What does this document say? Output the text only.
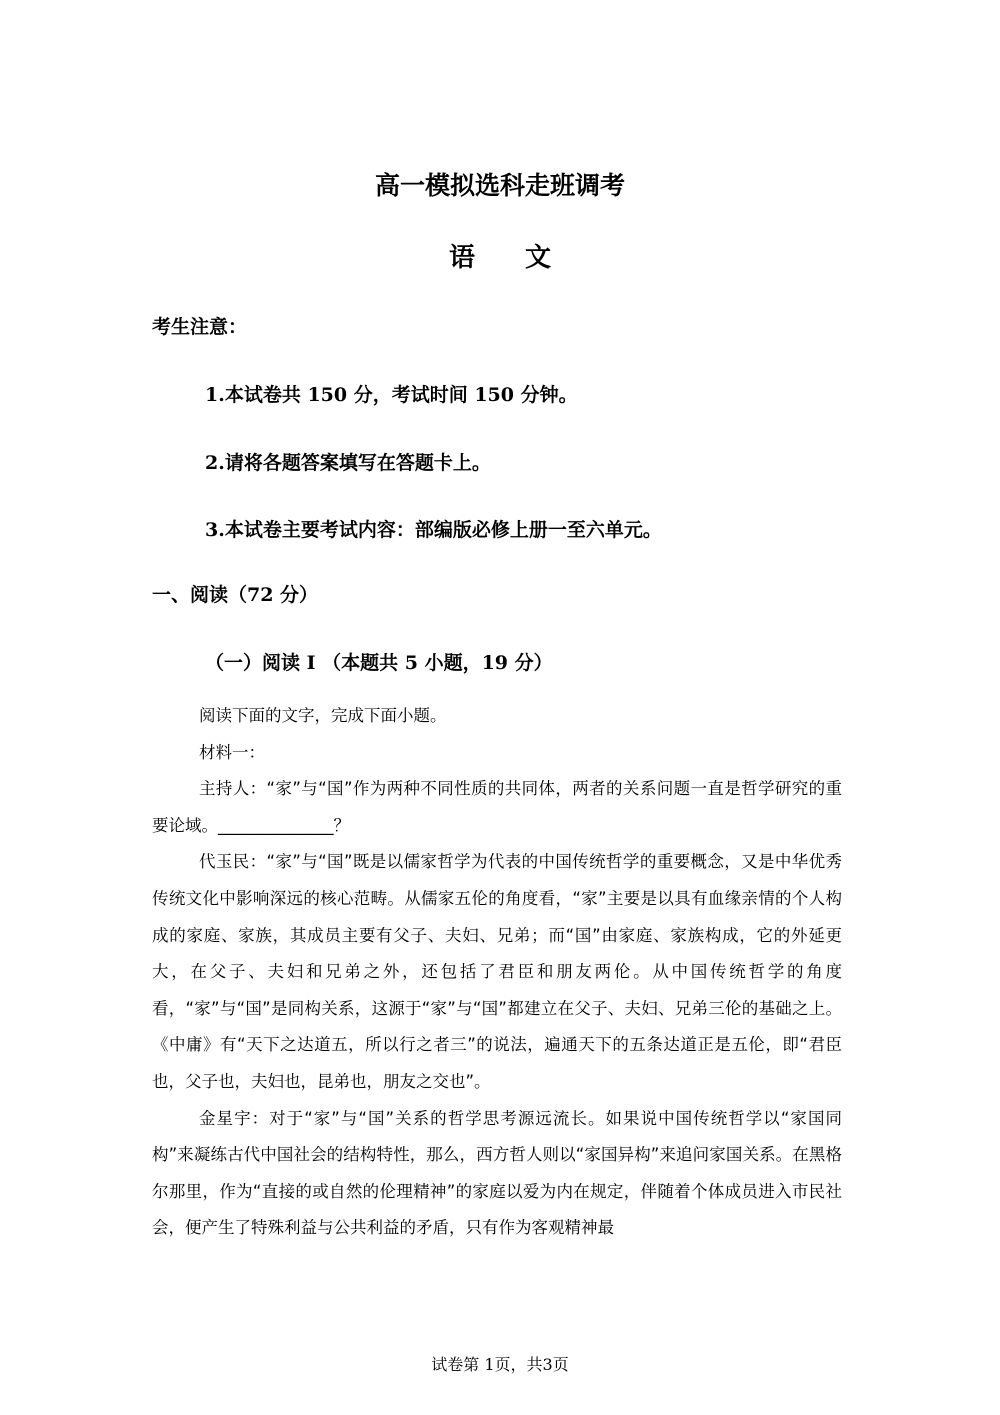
高一模拟选科走班调考
语文
考生注意：
1.本试卷共 150 分，考试时间 150 分钟。
2.请将各题答案填写在答题卡上。
3.本试卷主要考试内容：部编版必修上册一至六单元。
一、阅读（72 分）
（一）阅读 I （本题共 5 小题，19 分）

阅读下面的文字，完成下面小题。

材料一：

主持人：“家”与“国”作为两种不同性质的共同体，两者的关系问题一直是哲学研究的重要论域。______________？

代玉民：“家”与“国”既是以儒家哲学为代表的中国传统哲学的重要概念，又是中华优秀传统文化中影响深远的核心范畴。从儒家五伦的角度看，“家”主要是以具有血缘亲情的个人构成的家庭、家族，其成员主要有父子、夫妇、兄弟；而“国”由家庭、家族构成，它的外延更大，在父子、夫妇和兄弟之外，还包括了君臣和朋友两伦。从中国传统哲学的角度看，“家”与“国”是同构关系，这源于“家”与“国”都建立在父子、夫妇、兄弟三伦的基础之上。《中庸》有“天下之达道五，所以行之者三”的说法，遍通天下的五条达道正是五伦，即“君臣也，父子也，夫妇也，昆弟也，朋友之交也”。

金星宇：对于“家”与“国”关系的哲学思考源远流长。如果说中国传统哲学以“家国同构”来凝练古代中国社会的结构特性，那么，西方哲人则以“家国异构”来追问家国关系。在黑格尔那里，作为“直接的或自然的伦理精神”的家庭以爱为内在规定，伴随着个体成员进入市民社会，便产生了特殊利益与公共利益的矛盾，只有作为客观精神最

试卷第 1页，共3页
